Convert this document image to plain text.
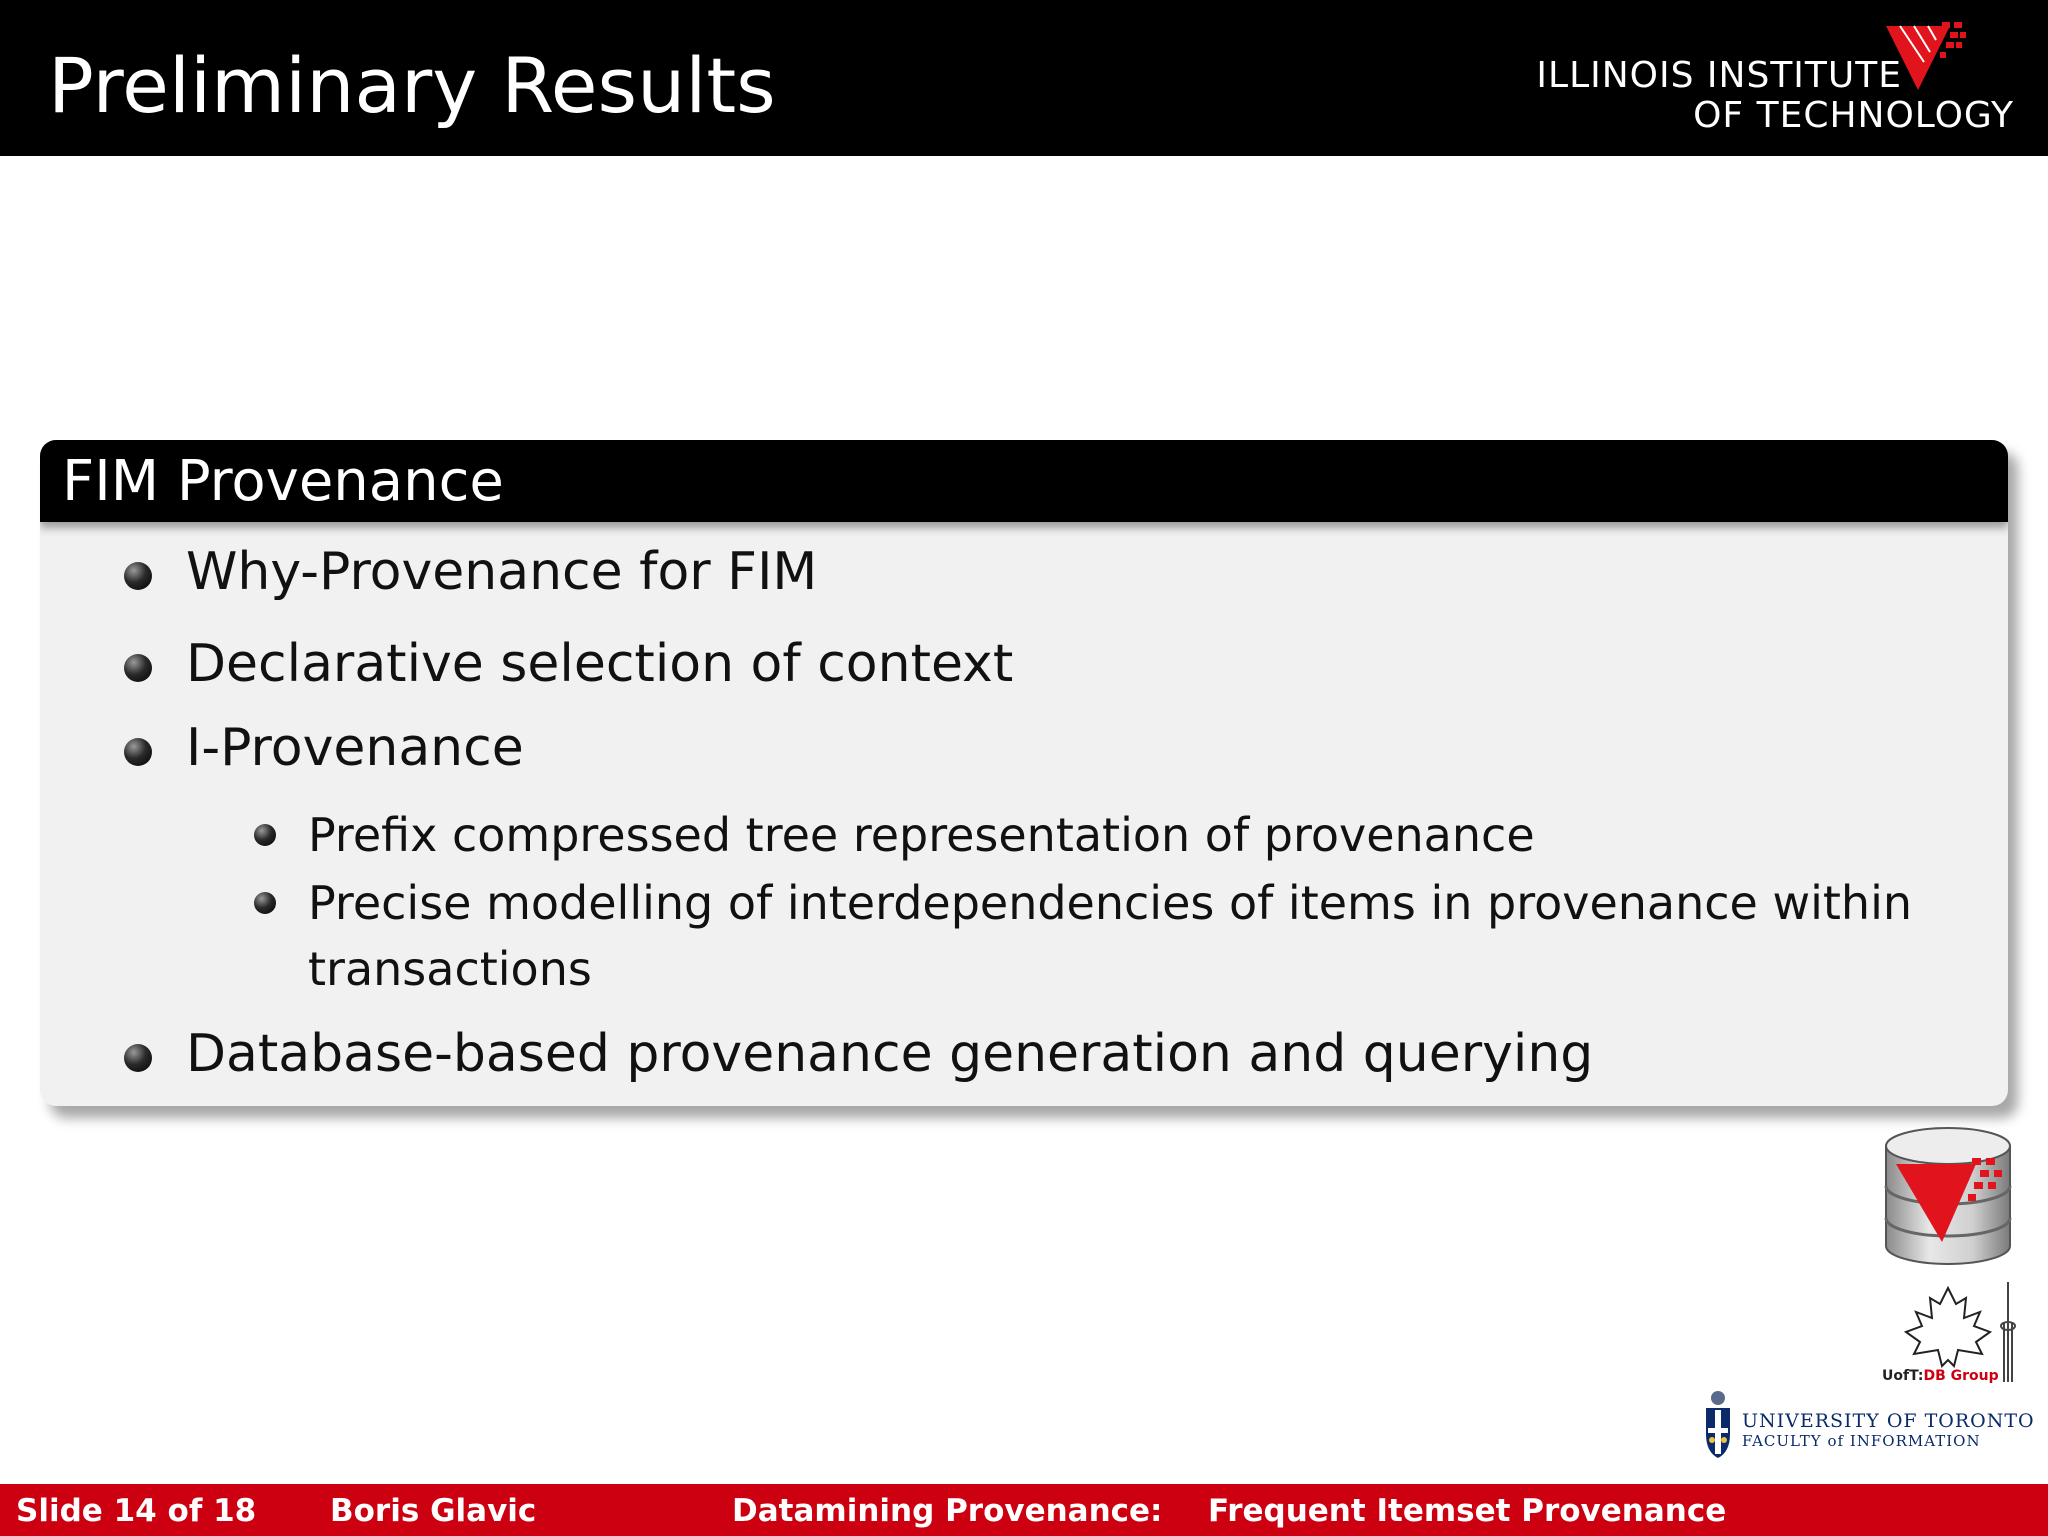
Preliminary Results	ILLINOIS INSTITUTE
OF TECHNOLOGY
FIM Provenance
Why-Provenance for FIM
Declarative selection of context
I-Provenance
Prefix compressed tree representation of provenance
Precise modelling of interdependencies of items in provenance within
transactions
Database-based provenance generation and querying
UofT:DB Group
UNIVERSITY OF TORONTO
FACULTY of INFORMATION
Slide 14 of 18 Boris Glavic	Datamining Provenance: Frequent Itemset Provenance
